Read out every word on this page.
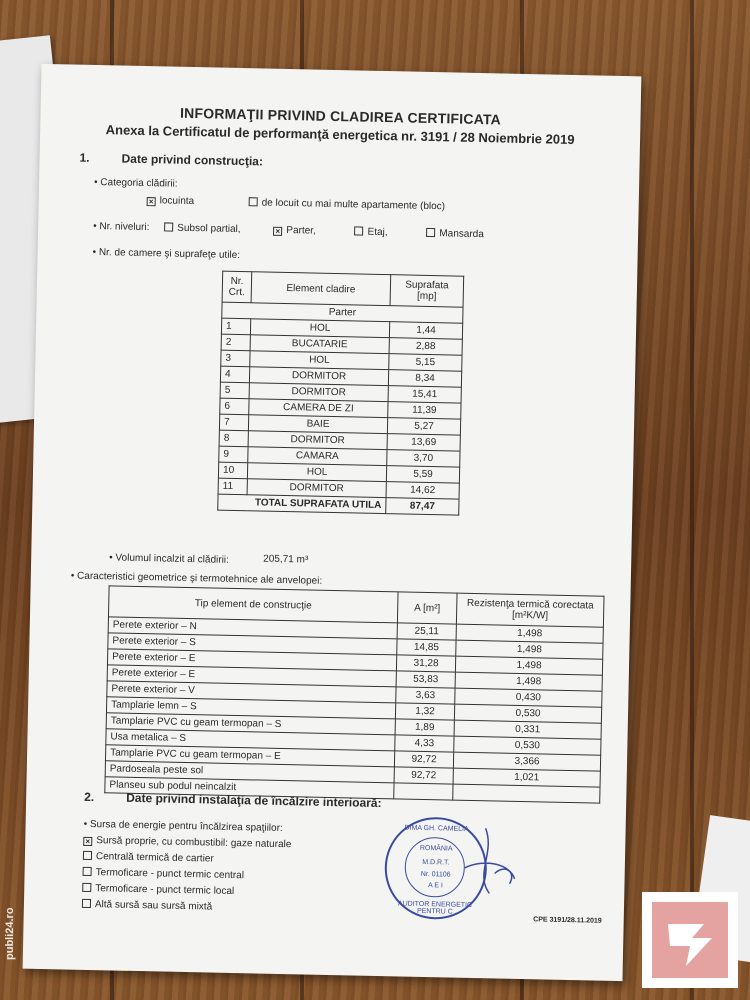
INFORMAŢII PRIVIND CLADIREA CERTIFICATA
Anexa la Certificatul de performanţă energetica nr. 3191 / 28 Noiembrie 2019
1.	Date privind construcţia:
• Categoria clădirii:
× locuinta	de locuit cu mai multe apartamente (bloc)
• Nr. niveluri:	Subsol partial,	× Parter,	Etaj,	Mansarda
• Nr. de camere şi suprafeţe utile:
Nr. Crt.	Element cladire	Suprafata [mp]
Parter		
1	HOL	1,44
2	BUCATARIE	2,88
3	HOL	5,15
4	DORMITOR	8,34
5	DORMITOR	15,41
6	CAMERA DE ZI	11,39
7	BAIE	5,27
8	DORMITOR	13,69
9	CAMARA	3,70
10	HOL	5,59
11	DORMITOR	14,62
TOTAL SUPRAFATA UTILA		87,47
• Volumul incalzit al clădirii:	205,71 m³
• Caracteristici geometrice şi termotehnice ale anvelopei:
Tip element de construcţie	A [m²]	Rezistenţa termică corectata [m²K/W]
Perete exterior – N	25,11	1,498
Perete exterior – S	14,85	1,498
Perete exterior – E	31,28	1,498
Perete exterior – E	53,83	1,498
Perete exterior – V	3,63	0,430
Tamplarie lemn – S	1,32	0,530
Tamplarie PVC cu geam termopan – S	1,89	0,331
Usa metalica – S	4,33	0,530
Tamplarie PVC cu geam termopan – E	92,72	3,366
Pardoseala peste sol	92,72	1,021
Planseu sub podul neincalzit		
2.	Date privind instalaţia de încălzire interioară:
• Sursa de energie pentru încălzirea spaţiilor:
× Sursă proprie, cu combustibil: gaze naturale
Centrală termică de cartier
Termoficare - punct termic central
Termoficare - punct termic local
Altă sursă sau sursă mixtă
DIMA GH. CAMELIA
ROMÂNIA
M.D.R.T.
Nr. 01106
A E I
AUDITOR ENERGETIC PENTRU C
CPE 3191/28.11.2019
publi24.ro
